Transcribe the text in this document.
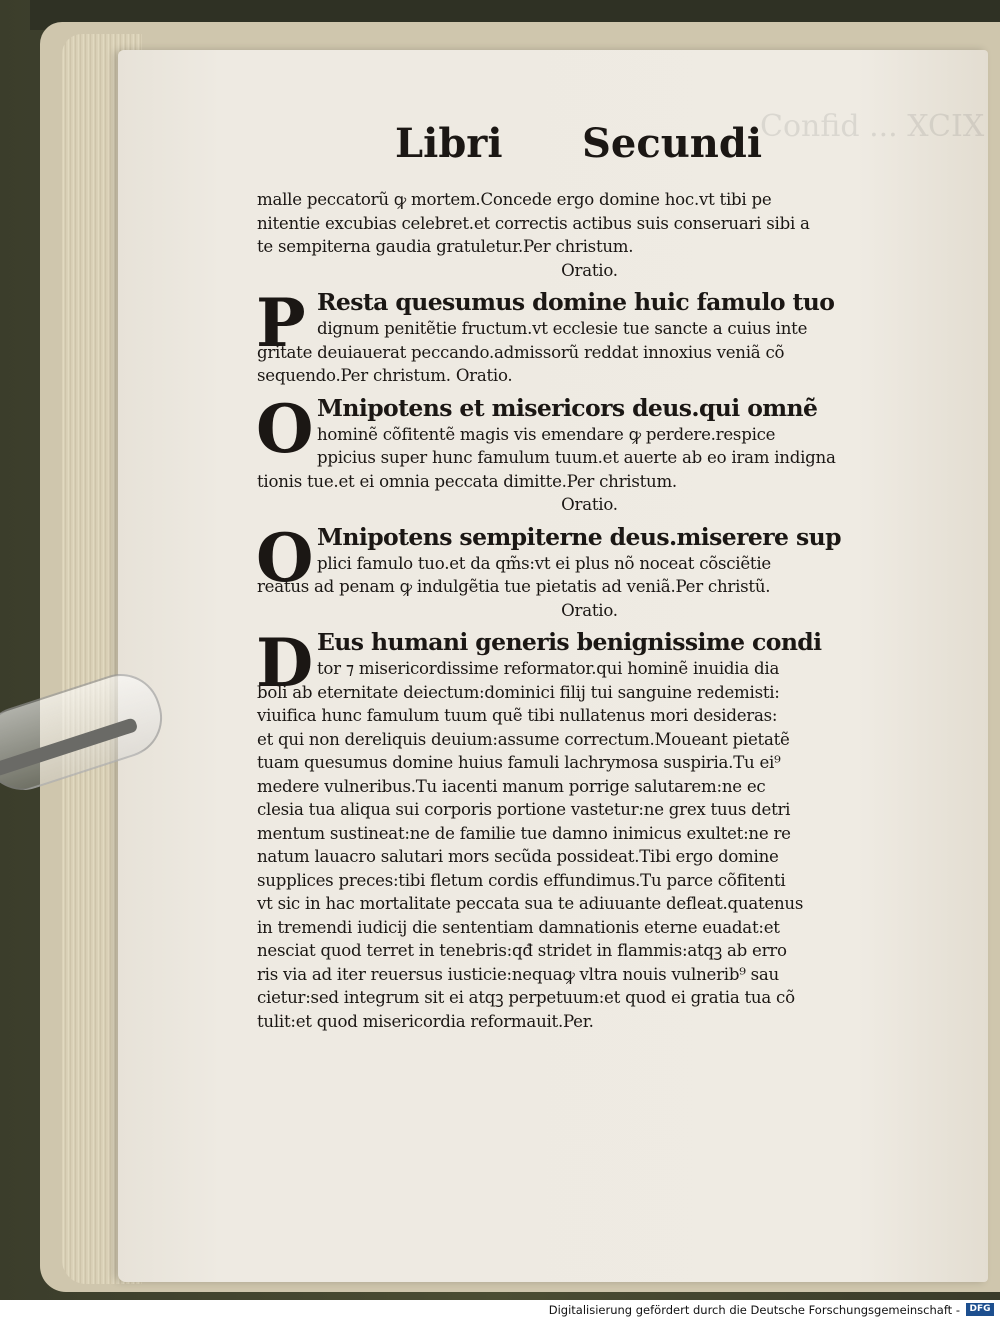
Confid ... XCIX
Libri Secundi
malle peccatorũ ꝙ mortem.Concede ergo domine hoc.vt tibi pe
nitentie excubias celebret.et correctis actibus suis conseruari sibi a
te sempiterna gaudia gratuletur.Per christum.
Oratio.
P Resta quesumus domine huic famulo tuo
dignum penitẽtie fructum.vt ecclesie tue sancte a cuius inte
gritate deuiauerat peccando.admissorũ reddat innoxius veniã cõ
sequendo.Per christum. Oratio.
O Mnipotens et misericors deus.qui omnẽ
hominẽ cõfitentẽ magis vis emendare ꝙ perdere.respice
ppicius super hunc famulum tuum.et auerte ab eo iram indigna
tionis tue.et ei omnia peccata dimitte.Per christum.
Oratio.
O Mnipotens sempiterne deus.miserere sup
plici famulo tuo.et da qm̃s:vt ei plus nõ noceat cõsciẽtie
reatus ad penam ꝙ indulgẽtia tue pietatis ad veniã.Per christũ.
Oratio.
D Eus humani generis benignissime condi
tor ⁊ misericordissime reformator.qui hominẽ inuidia dia
boli ab eternitate deiectum:dominici filij tui sanguine redemisti:
viuifica hunc famulum tuum quẽ tibi nullatenus mori desideras:
et qui non dereliquis deuium:assume correctum.Moueant pietatẽ
tuam quesumus domine huius famuli lachrymosa suspiria.Tu ei⁹
medere vulneribus.Tu iacenti manum porrige salutarem:ne ec
clesia tua aliqua sui corporis portione vastetur:ne grex tuus detri
mentum sustineat:ne de familie tue damno inimicus exultet:ne re
natum lauacro salutari mors secũda possideat.Tibi ergo domine
supplices preces:tibi fletum cordis effundimus.Tu parce cõfitenti
vt sic in hac mortalitate peccata sua te adiuuante defleat.quatenus
in tremendi iudicij die sententiam damnationis eterne euadat:et
nesciat quod terret in tenebris:qđ stridet in flammis:atqꝫ ab erro
ris via ad iter reuersus iusticie:nequaꝙ vltra nouis vulnerib⁹ sau
cietur:sed integrum sit ei atqꝫ perpetuum:et quod ei gratia tua cõ
tulit:et quod misericordia reformauit.Per.
Digitalisierung gefördert durch die Deutsche Forschungsgemeinschaft -	DFG
